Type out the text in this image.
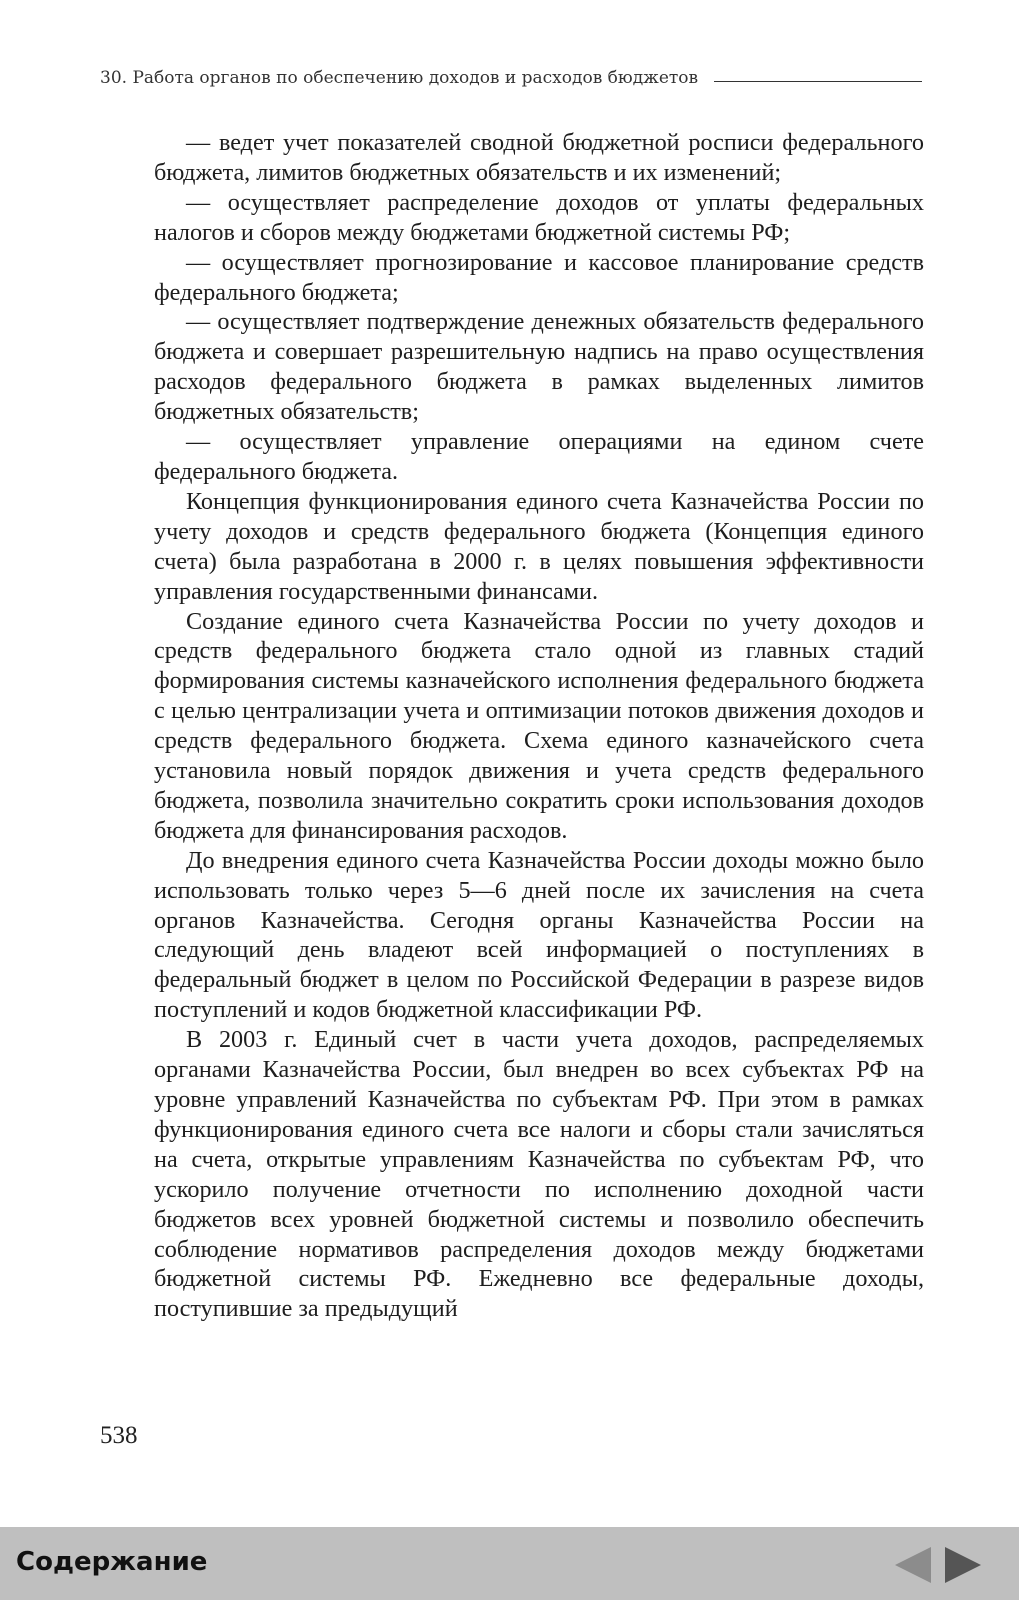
30. Работа органов по обеспечению доходов и расходов бюджетов

— ведет учет показателей сводной бюджетной росписи федерального бюджета, лимитов бюджетных обязательств и их изменений;

— осуществляет распределение доходов от уплаты федеральных налогов и сборов между бюджетами бюджетной системы РФ;

— осуществляет прогнозирование и кассовое планирование средств федерального бюджета;

— осуществляет подтверждение денежных обязательств федерального бюджета и совершает разрешительную надпись на право осуществления расходов федерального бюджета в рамках выделенных лимитов бюджетных обязательств;

— осуществляет управление операциями на едином счете федерального бюджета.

Концепция функционирования единого счета Казначейства России по учету доходов и средств федерального бюджета (Концепция единого счета) была разработана в 2000 г. в целях повышения эффективности управления государственными финансами.

Создание единого счета Казначейства России по учету доходов и средств федерального бюджета стало одной из главных стадий формирования системы казначейского исполнения федерального бюджета с целью централизации учета и оптимизации потоков движения доходов и средств федерального бюджета. Схема единого казначейского счета установила новый порядок движения и учета средств федерального бюджета, позволила значительно сократить сроки использования доходов бюджета для финансирования расходов.

До внедрения единого счета Казначейства России доходы можно было использовать только через 5—6 дней после их зачисления на счета органов Казначейства. Сегодня органы Казначейства России на следующий день владеют всей информацией о поступлениях в федеральный бюджет в целом по Российской Федерации в разрезе видов поступлений и кодов бюджетной классификации РФ.

В 2003 г. Единый счет в части учета доходов, распределяемых органами Казначейства России, был внедрен во всех субъектах РФ на уровне управлений Казначейства по субъектам РФ. При этом в рамках функционирования единого счета все налоги и сборы стали зачисляться на счета, открытые управлениям Казначейства по субъектам РФ, что ускорило получение отчетности по исполнению доходной части бюджетов всех уровней бюджетной системы и позволило обеспечить соблюдение нормативов распределения доходов между бюджетами бюджетной системы РФ. Ежедневно все федеральные доходы, поступившие за предыдущий

538
Содержание
